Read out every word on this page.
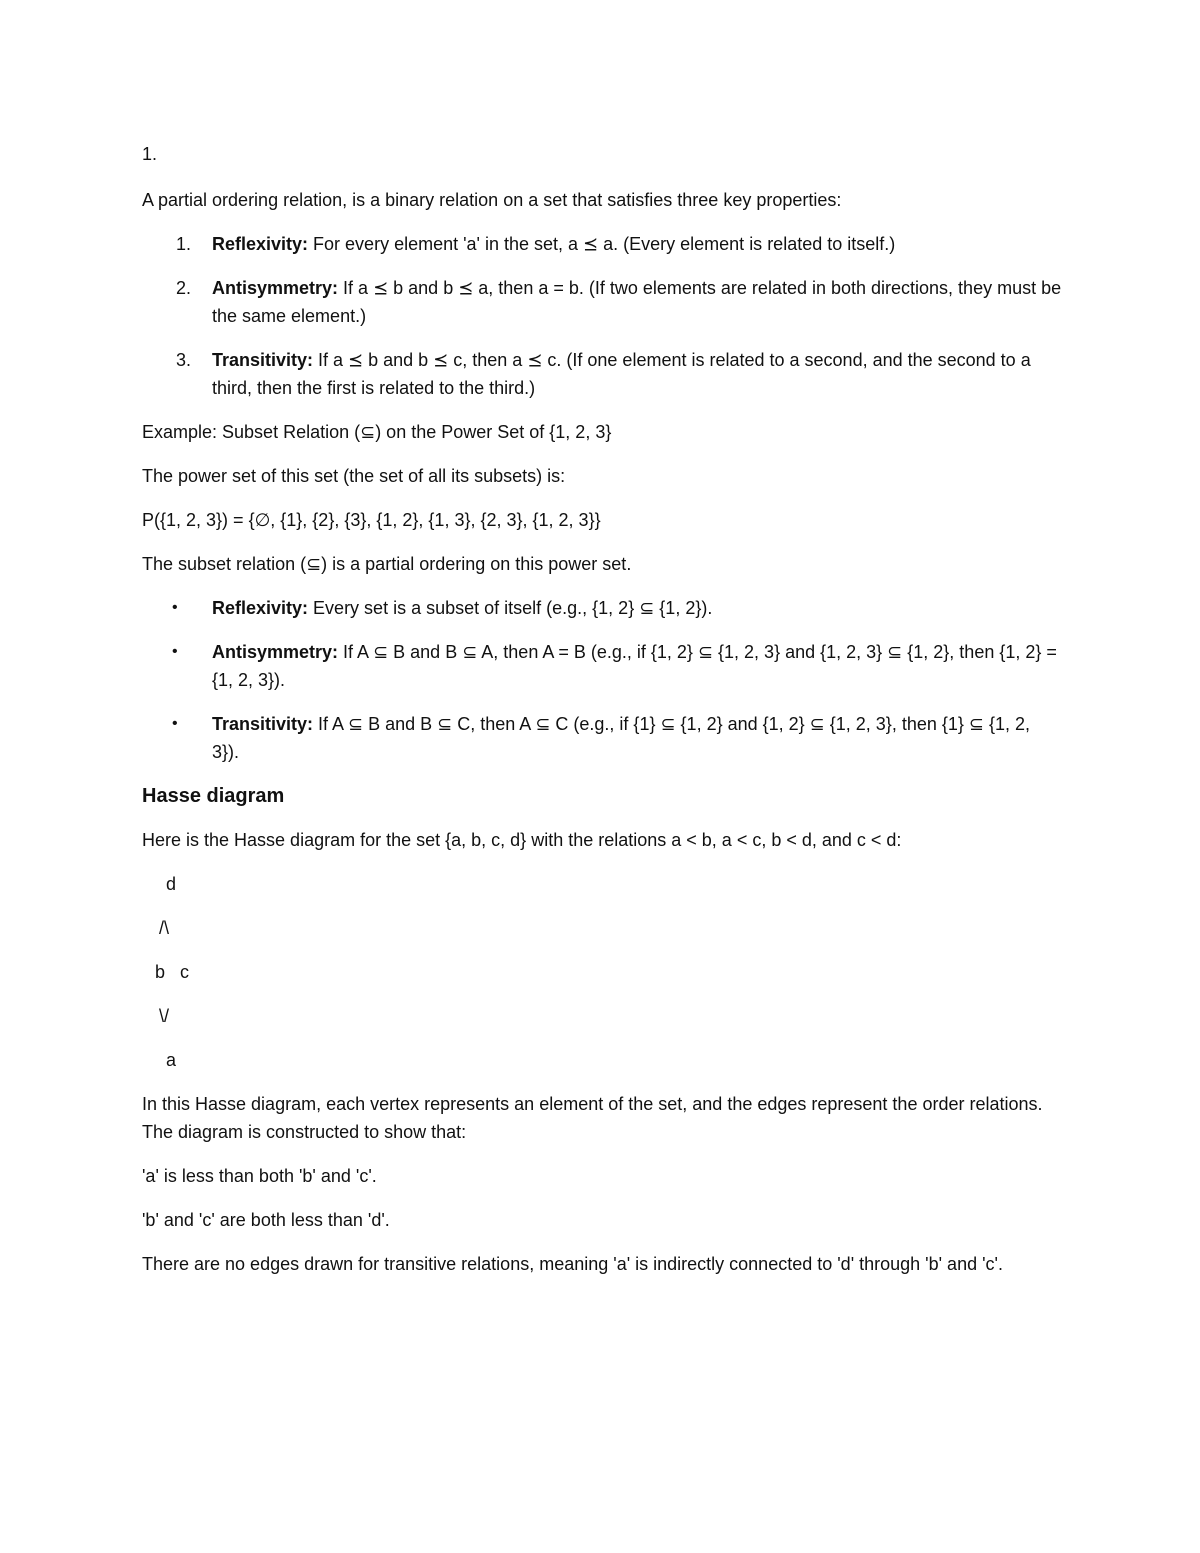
1.

A partial ordering relation, is a binary relation on a set that satisfies three key properties:

1. Reflexivity: For every element 'a' in the set, a ⪯ a. (Every element is related to itself.)
2. Antisymmetry: If a ⪯ b and b ⪯ a, then a = b. (If two elements are related in both directions, they must be the same element.)
3. Transitivity: If a ⪯ b and b ⪯ c, then a ⪯ c. (If one element is related to a second, and the second to a third, then the first is related to the third.)

Example: Subset Relation (⊆) on the Power Set of {1, 2, 3}

The power set of this set (the set of all its subsets) is:

P({1, 2, 3}) = {∅, {1}, {2}, {3}, {1, 2}, {1, 3}, {2, 3}, {1, 2, 3}}

The subset relation (⊆) is a partial ordering on this power set.

• Reflexivity: Every set is a subset of itself (e.g., {1, 2} ⊆ {1, 2}).
• Antisymmetry: If A ⊆ B and B ⊆ A, then A = B (e.g., if {1, 2} ⊆ {1, 2, 3} and {1, 2, 3} ⊆ {1, 2}, then {1, 2} = {1, 2, 3}).
• Transitivity: If A ⊆ B and B ⊆ C, then A ⊆ C (e.g., if {1} ⊆ {1, 2} and {1, 2} ⊆ {1, 2, 3}, then {1} ⊆ {1, 2, 3}).

Hasse diagram

Here is the Hasse diagram for the set {a, b, c, d} with the relations a < b, a < c, b < d, and c < d:

d
/\
b   c
\/
a

In this Hasse diagram, each vertex represents an element of the set, and the edges represent the order relations. The diagram is constructed to show that:

'a' is less than both 'b' and 'c'.

'b' and 'c' are both less than 'd'.

There are no edges drawn for transitive relations, meaning 'a' is indirectly connected to 'd' through 'b' and 'c'.
